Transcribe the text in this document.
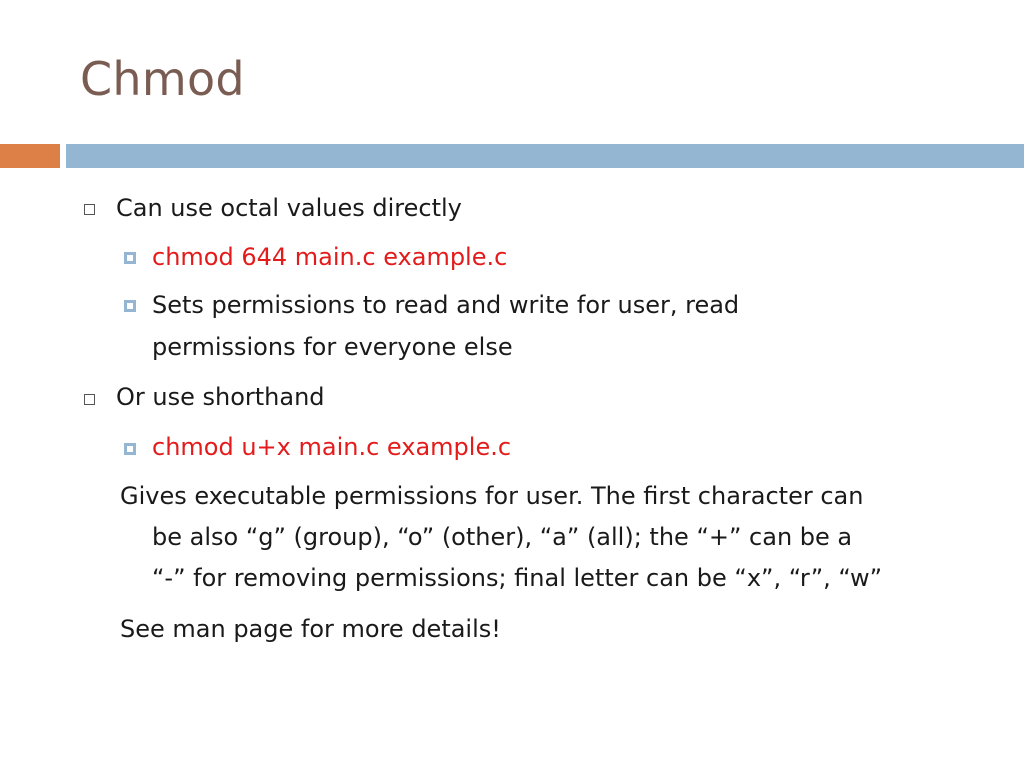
Chmod
Can use octal values directly
chmod 644 main.c example.c
Sets permissions to read and write for user, read
permissions for everyone else
Or use shorthand
chmod u+x main.c example.c
Gives executable permissions for user. The first character can
be also “g” (group), “o” (other), “a” (all); the “+” can be a
“-” for removing permissions; final letter can be “x”, “r”, “w”
See man page for more details!
